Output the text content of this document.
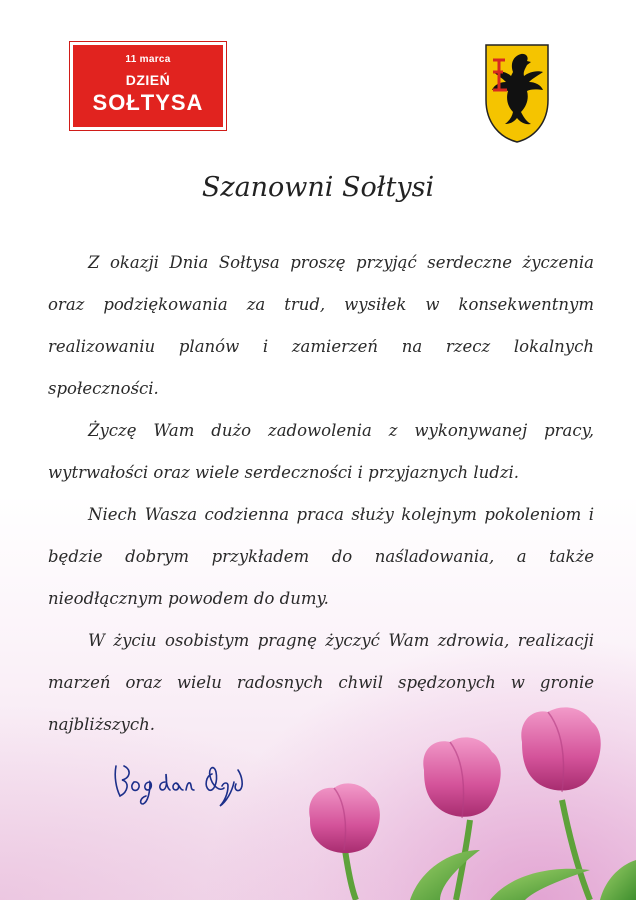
11 marca
DZIEŃ
SOŁTYSA
Szanowni Sołtysi

Z okazji Dnia Sołtysa proszę przyjąć serdeczne życzenia oraz podziękowania za trud, wysiłek w konsekwentnym realizowaniu planów i zamierzeń na rzecz lokalnych społeczności.

Życzę Wam dużo zadowolenia z wykonywanej pracy, wytrwałości oraz wiele serdeczności i przyjaznych ludzi.

Niech Wasza codzienna praca służy kolejnym pokoleniom i będzie dobrym przykładem do naśladowania, a także nieodłącznym powodem do dumy.

W życiu osobistym pragnę życzyć Wam zdrowia, realizacji marzeń oraz wielu radosnych chwil spędzonych w gronie najbliższych.
